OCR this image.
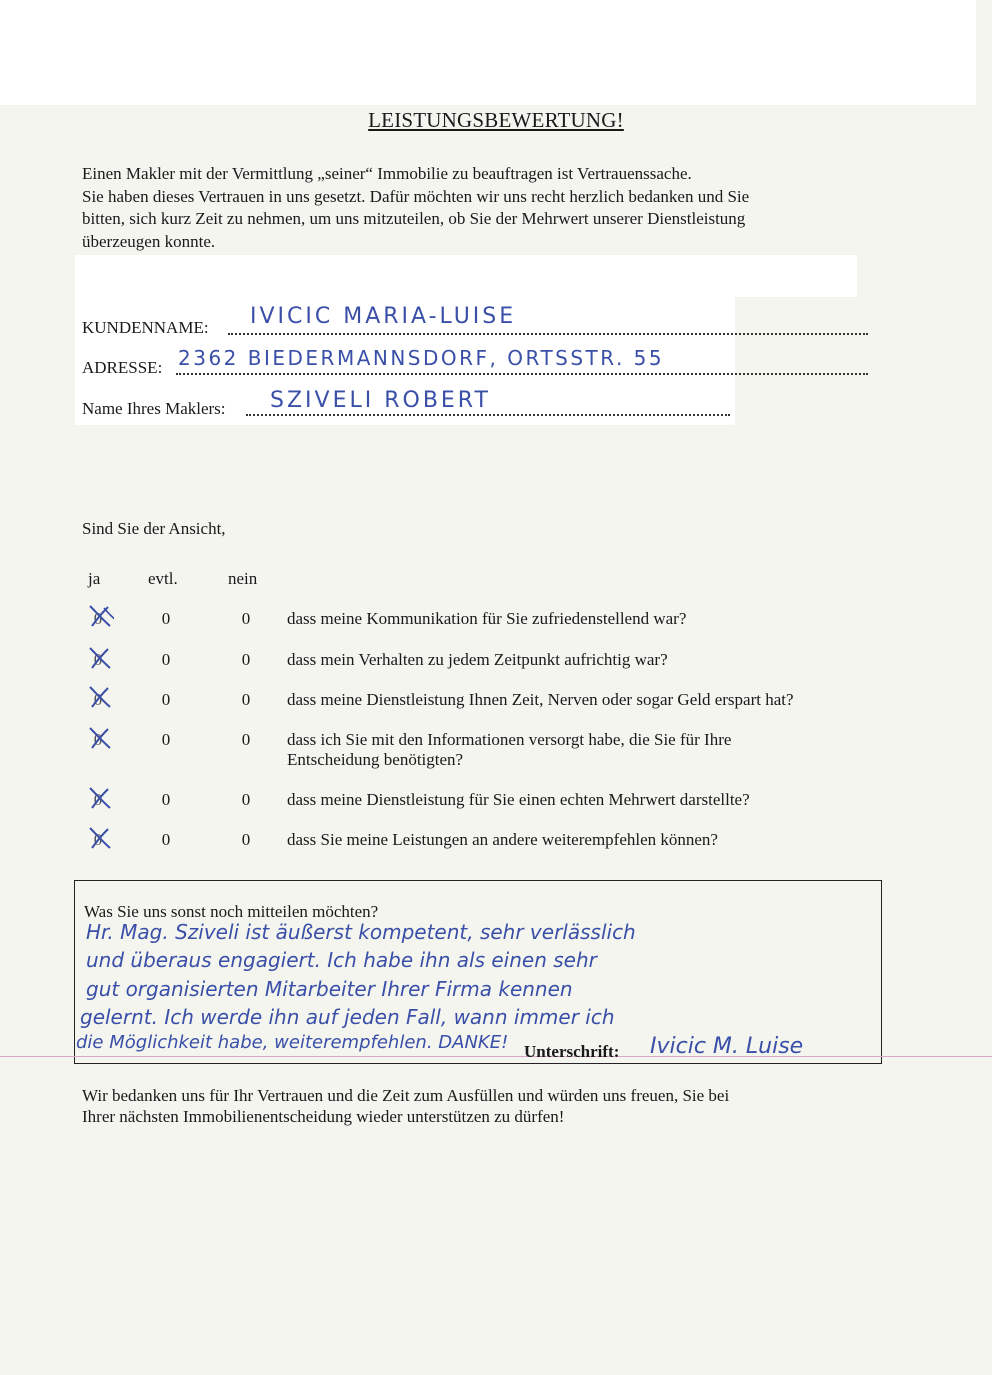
LEISTUNGSBEWERTUNG!
Einen Makler mit der Vermittlung „seiner“ Immobilie zu beauftragen ist Vertrauenssache.
Sie haben dieses Vertrauen in uns gesetzt. Dafür möchten wir uns recht herzlich bedanken und Sie
bitten, sich kurz Zeit zu nehmen, um uns mitzuteilen, ob Sie der Mehrwert unserer Dienstleistung
überzeugen konnte.
KUNDENNAME: IVICIC MARIA-LUISE
ADRESSE: 2362 BIEDERMANNSDORF, ORTSSTR. 55
Name Ihres Maklers: SZIVELI ROBERT
Sind Sie der Ansicht,
ja	evtl.	nein
0	0	0	dass meine Kommunikation für Sie zufriedenstellend war?
0	0	0	dass mein Verhalten zu jedem Zeitpunkt aufrichtig war?
0	0	0	dass meine Dienstleistung Ihnen Zeit, Nerven oder sogar Geld erspart hat?
0	0	0	dass ich Sie mit den Informationen versorgt habe, die Sie für Ihre
Entscheidung benötigten?
0	0	0	dass meine Dienstleistung für Sie einen echten Mehrwert darstellte?
0	0	0	dass Sie meine Leistungen an andere weiterempfehlen können?
Was Sie uns sonst noch mitteilen möchten?
Hr. Mag. Sziveli ist äußerst kompetent, sehr verlässlich
und überaus engagiert. Ich habe ihn als einen sehr
gut organisierten Mitarbeiter Ihrer Firma kennen
gelernt. Ich werde ihn auf jeden Fall, wann immer ich
die Möglichkeit habe, weiterempfehlen. DANKE! Unterschrift: Ivicic M. Luise
Wir bedanken uns für Ihr Vertrauen und die Zeit zum Ausfüllen und würden uns freuen, Sie bei
Ihrer nächsten Immobilienentscheidung wieder unterstützen zu dürfen!
